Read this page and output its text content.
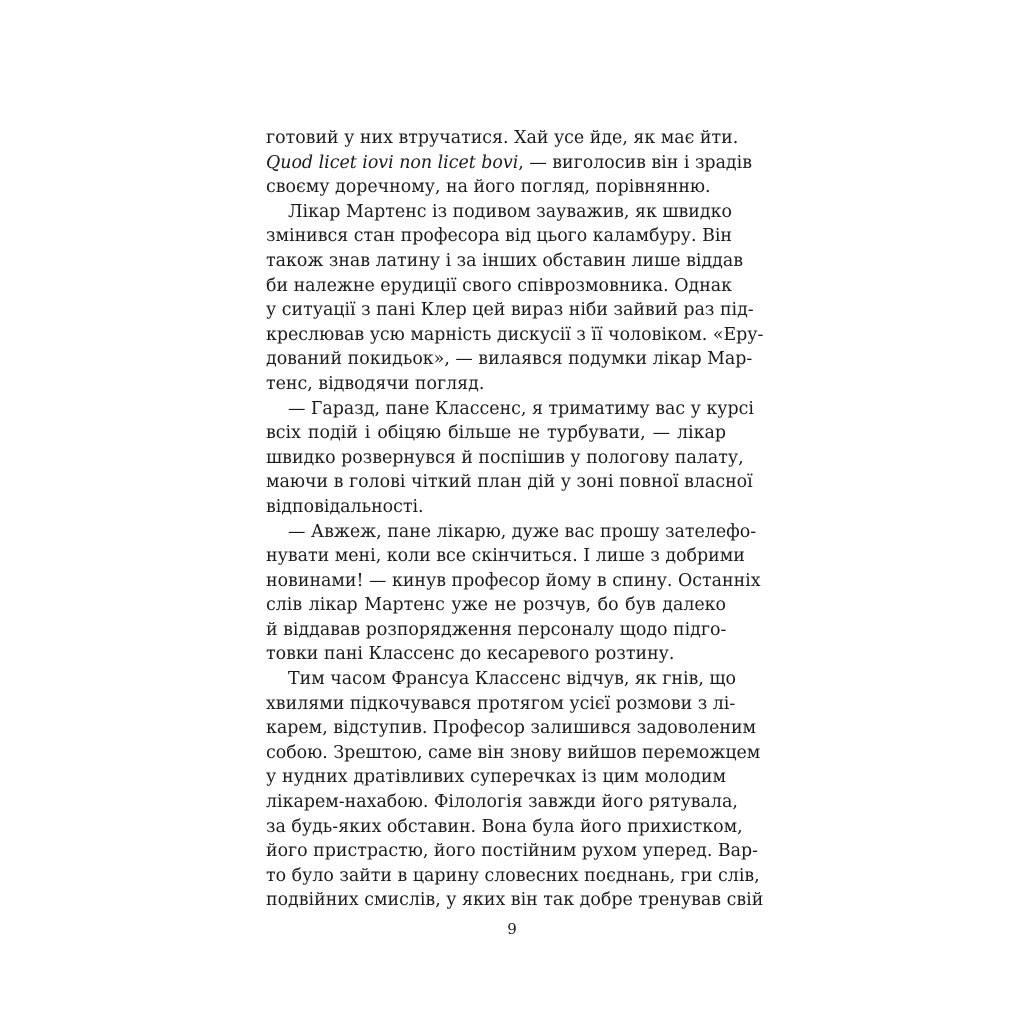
готовий у них втручатися. Хай усе йде, як має йти.
Quod licet iovi non licet bovi, — виголосив він і зрадів
своєму доречному, на його погляд, порівнянню.
Лікар Мартенс із подивом зауважив, як швидко
змінився стан професора від цього каламбуру. Він
також знав латину і за інших обставин лише віддав
би належне ерудиції свого співрозмовника. Однак
у ситуації з пані Клер цей вираз ніби зайвий раз під-
креслював усю марність дискусії з її чоловіком. «Еру-
дований покидьок», — вилаявся подумки лікар Мар-
тенс, відводячи погляд.
— Гаразд, пане Классенс, я триматиму вас у курсі
всіх подій і обіцяю більше не турбувати, — лікар
швидко розвернувся й поспішив у пологову палату,
маючи в голові чіткий план дій у зоні повної власної
відповідальності.
— Авжеж, пане лікарю, дуже вас прошу зателефо-
нувати мені, коли все скінчиться. І лише з добрими
новинами! — кинув професор йому в спину. Останніх
слів лікар Мартенс уже не розчув, бо був далеко
й віддавав розпорядження персоналу щодо підго-
товки пані Классенс до кесаревого розтину.
Тим часом Франсуа Классенс відчув, як гнів, що
хвилями підкочувався протягом усієї розмови з лі-
карем, відступив. Професор залишився задоволеним
собою. Зрештою, саме він знову вийшов переможцем
у нудних дратівливих суперечках із цим молодим
лікарем-нахабою. Філологія завжди його рятувала,
за будь-яких обставин. Вона була його прихистком,
його пристрастю, його постійним рухом уперед. Вар-
то було зайти в царину словесних поєднань, гри слів,
подвійних смислів, у яких він так добре тренував свій
9
